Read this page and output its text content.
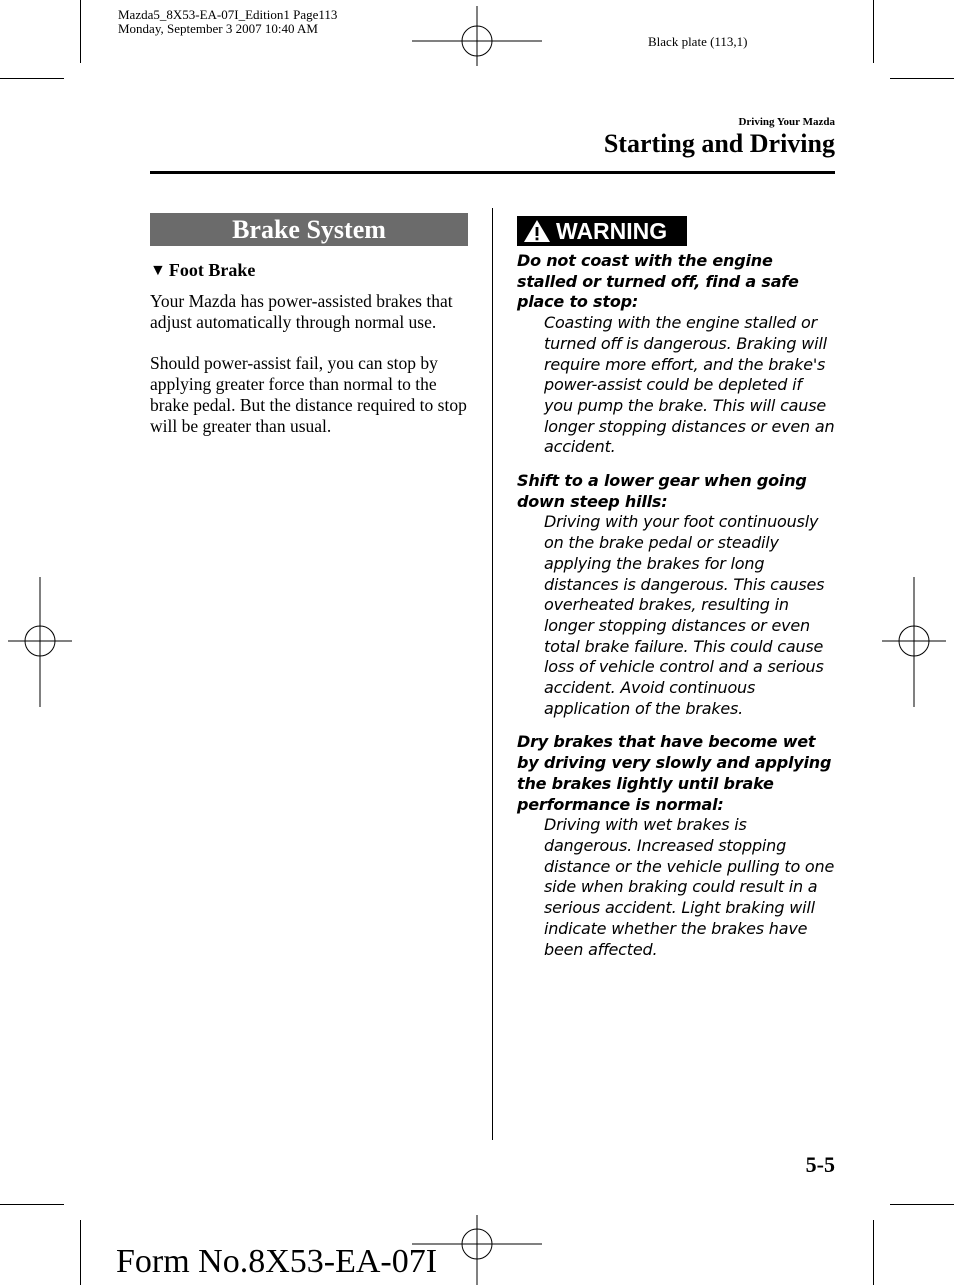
Mazda5_8X53-EA-07I_Edition1 Page113
Monday, September 3 2007 10:40 AM
Black plate (113,1)
Driving Your Mazda
Starting and Driving
Brake System
▼ Foot Brake
Your Mazda has power-assisted brakes that adjust automatically through normal use.
Should power-assist fail, you can stop by applying greater force than normal to the brake pedal. But the distance required to stop will be greater than usual.
WARNING
Do not coast with the engine stalled or turned off, find a safe place to stop:
Coasting with the engine stalled or turned off is dangerous. Braking will require more effort, and the brake's power-assist could be depleted if you pump the brake. This will cause longer stopping distances or even an accident.
Shift to a lower gear when going down steep hills:
Driving with your foot continuously on the brake pedal or steadily applying the brakes for long distances is dangerous. This causes overheated brakes, resulting in longer stopping distances or even total brake failure. This could cause loss of vehicle control and a serious accident. Avoid continuous application of the brakes.
Dry brakes that have become wet by driving very slowly and applying the brakes lightly until brake performance is normal:
Driving with wet brakes is dangerous. Increased stopping distance or the vehicle pulling to one side when braking could result in a serious accident. Light braking will indicate whether the brakes have been affected.
5-5
Form No.8X53-EA-07I
